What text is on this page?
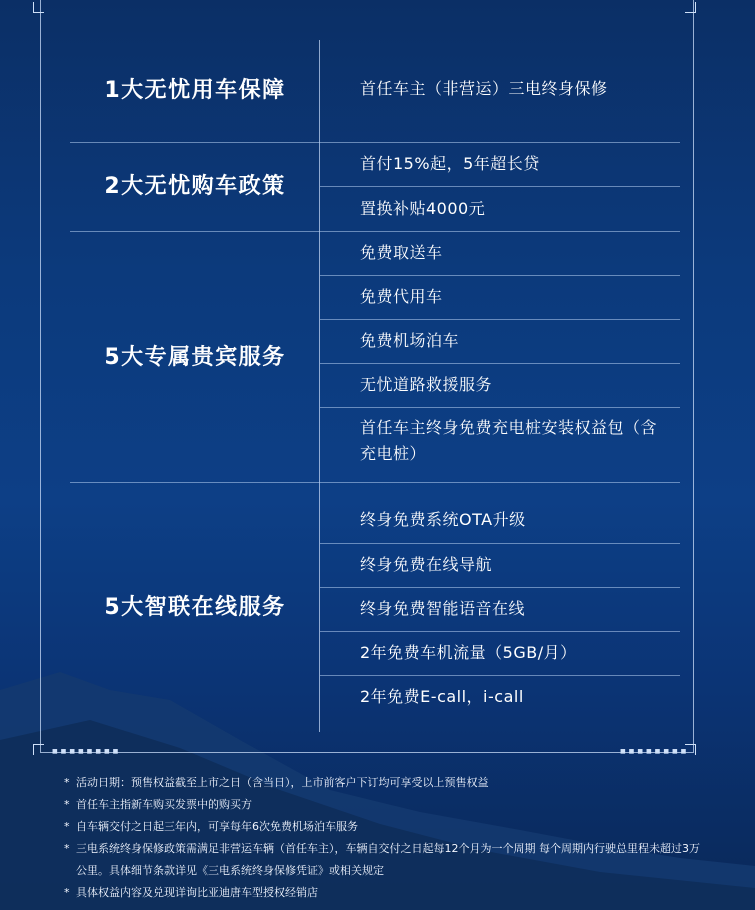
■■■■■■■■	■■■■■■■■
1大无忧用车保障
2大无忧购车政策
5大专属贵宾服务
5大智联在线服务
首任车主（非营运）三电终身保修
首付15%起，5年超长贷
置换补贴4000元
免费取送车
免费代用车
免费机场泊车
无忧道路救援服务
首任车主终身免费充电桩安装权益包（含充电桩）
终身免费系统OTA升级
终身免费在线导航
终身免费智能语音在线
2年免费车机流量（5GB/月）
2年免费E-call，i-call
* 活动日期：预售权益截至上市之日（含当日），上市前客户下订均可享受以上预售权益
* 首任车主指新车购买发票中的购买方
* 自车辆交付之日起三年内，可享每年6次免费机场泊车服务
* 三电系统终身保修政策需满足非营运车辆（首任车主），车辆自交付之日起每12个月为一个周期 每个周期内行驶总里程未超过3万公里。具体细节条款详见《三电系统终身保修凭证》或相关规定
* 具体权益内容及兑现详询比亚迪唐车型授权经销店
